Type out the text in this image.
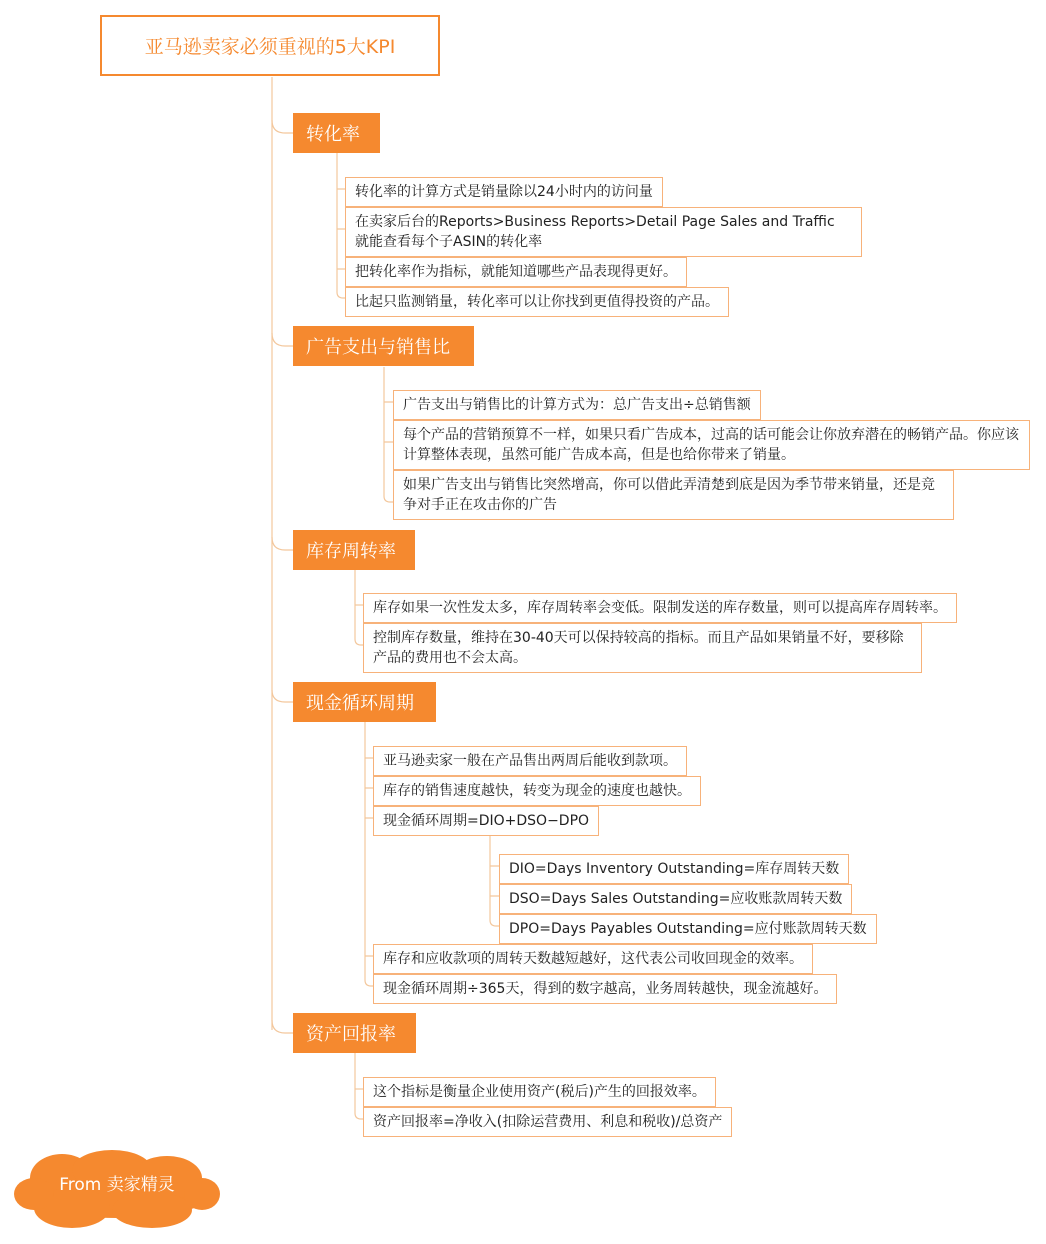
亚马逊卖家必须重视的5大KPI
转化率
转化率的计算方式是销量除以24小时内的访问量
在卖家后台的Reports>Business Reports>Detail Page Sales and Traffic 就能查看每个子ASIN的转化率
把转化率作为指标，就能知道哪些产品表现得更好。
比起只监测销量，转化率可以让你找到更值得投资的产品。
广告支出与销售比
广告支出与销售比的计算方式为：总广告支出÷总销售额
每个产品的营销预算不一样，如果只看广告成本，过高的话可能会让你放弃潜在的畅销产品。你应该计算整体表现，虽然可能广告成本高，但是也给你带来了销量。
如果广告支出与销售比突然增高，你可以借此弄清楚到底是因为季节带来销量，还是竞争对手正在攻击你的广告
库存周转率
库存如果一次性发太多，库存周转率会变低。限制发送的库存数量，则可以提高库存周转率。
控制库存数量，维持在30-40天可以保持较高的指标。而且产品如果销量不好，要移除产品的费用也不会太高。
现金循环周期
亚马逊卖家一般在产品售出两周后能收到款项。
库存的销售速度越快，转变为现金的速度也越快。
现金循环周期=DIO+DSO−DPO
DIO=Days Inventory Outstanding=库存周转天数
DSO=Days Sales Outstanding=应收账款周转天数
DPO=Days Payables Outstanding=应付账款周转天数
库存和应收款项的周转天数越短越好，这代表公司收回现金的效率。
现金循环周期÷365天，得到的数字越高，业务周转越快，现金流越好。
资产回报率
这个指标是衡量企业使用资产(税后)产生的回报效率。
资产回报率=净收入(扣除运营费用、利息和税收)/总资产
From 卖家精灵
